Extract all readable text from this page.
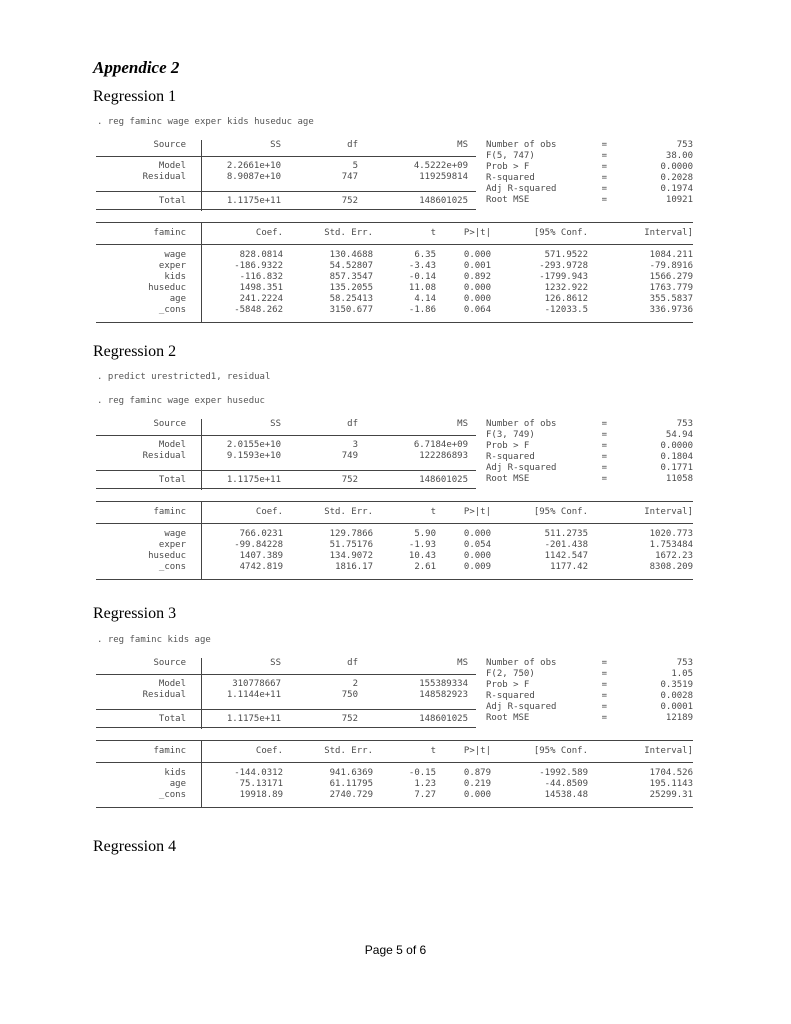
Appendice 2
Regression 1
. reg faminc wage exper kids huseduc age
Source	SS	df	MS
Model	2.2661e+10	5	4.5222e+09
Residual	8.9087e+10	747	119259814
Total	1.1175e+11	752	148601025
Number of obs	=	753
F(5, 747)	=	38.00
Prob > F	=	0.0000
R-squared	=	0.2028
Adj R-squared	=	0.1974
Root MSE	=	10921
faminc	Coef.	Std. Err.	t	P>|t|	[95% Conf.	Interval]
wage	828.0814	130.4688	6.35	0.000	571.9522	1084.211
exper	-186.9322	54.52807	-3.43	0.001	-293.9728	-79.8916
kids	-116.832	857.3547	-0.14	0.892	-1799.943	1566.279
huseduc	1498.351	135.2055	11.08	0.000	1232.922	1763.779
age	241.2224	58.25413	4.14	0.000	126.8612	355.5837
_cons	-5848.262	3150.677	-1.86	0.064	-12033.5	336.9736
Regression 2
. predict urestricted1, residual
. reg faminc wage exper huseduc
Source	SS	df	MS
Model	2.0155e+10	3	6.7184e+09
Residual	9.1593e+10	749	122286893
Total	1.1175e+11	752	148601025
Number of obs	=	753
F(3, 749)	=	54.94
Prob > F	=	0.0000
R-squared	=	0.1804
Adj R-squared	=	0.1771
Root MSE	=	11058
faminc	Coef.	Std. Err.	t	P>|t|	[95% Conf.	Interval]
wage	766.0231	129.7866	5.90	0.000	511.2735	1020.773
exper	-99.84228	51.75176	-1.93	0.054	-201.438	1.753484
huseduc	1407.389	134.9072	10.43	0.000	1142.547	1672.23
_cons	4742.819	1816.17	2.61	0.009	1177.42	8308.209
Regression 3
. reg faminc kids age
Source	SS	df	MS
Model	310778667	2	155389334
Residual	1.1144e+11	750	148582923
Total	1.1175e+11	752	148601025
Number of obs	=	753
F(2, 750)	=	1.05
Prob > F	=	0.3519
R-squared	=	0.0028
Adj R-squared	=	0.0001
Root MSE	=	12189
faminc	Coef.	Std. Err.	t	P>|t|	[95% Conf.	Interval]
kids	-144.0312	941.6369	-0.15	0.879	-1992.589	1704.526
age	75.13171	61.11795	1.23	0.219	-44.8509	195.1143
_cons	19918.89	2740.729	7.27	0.000	14538.48	25299.31
Regression 4
Page 5 of 6
